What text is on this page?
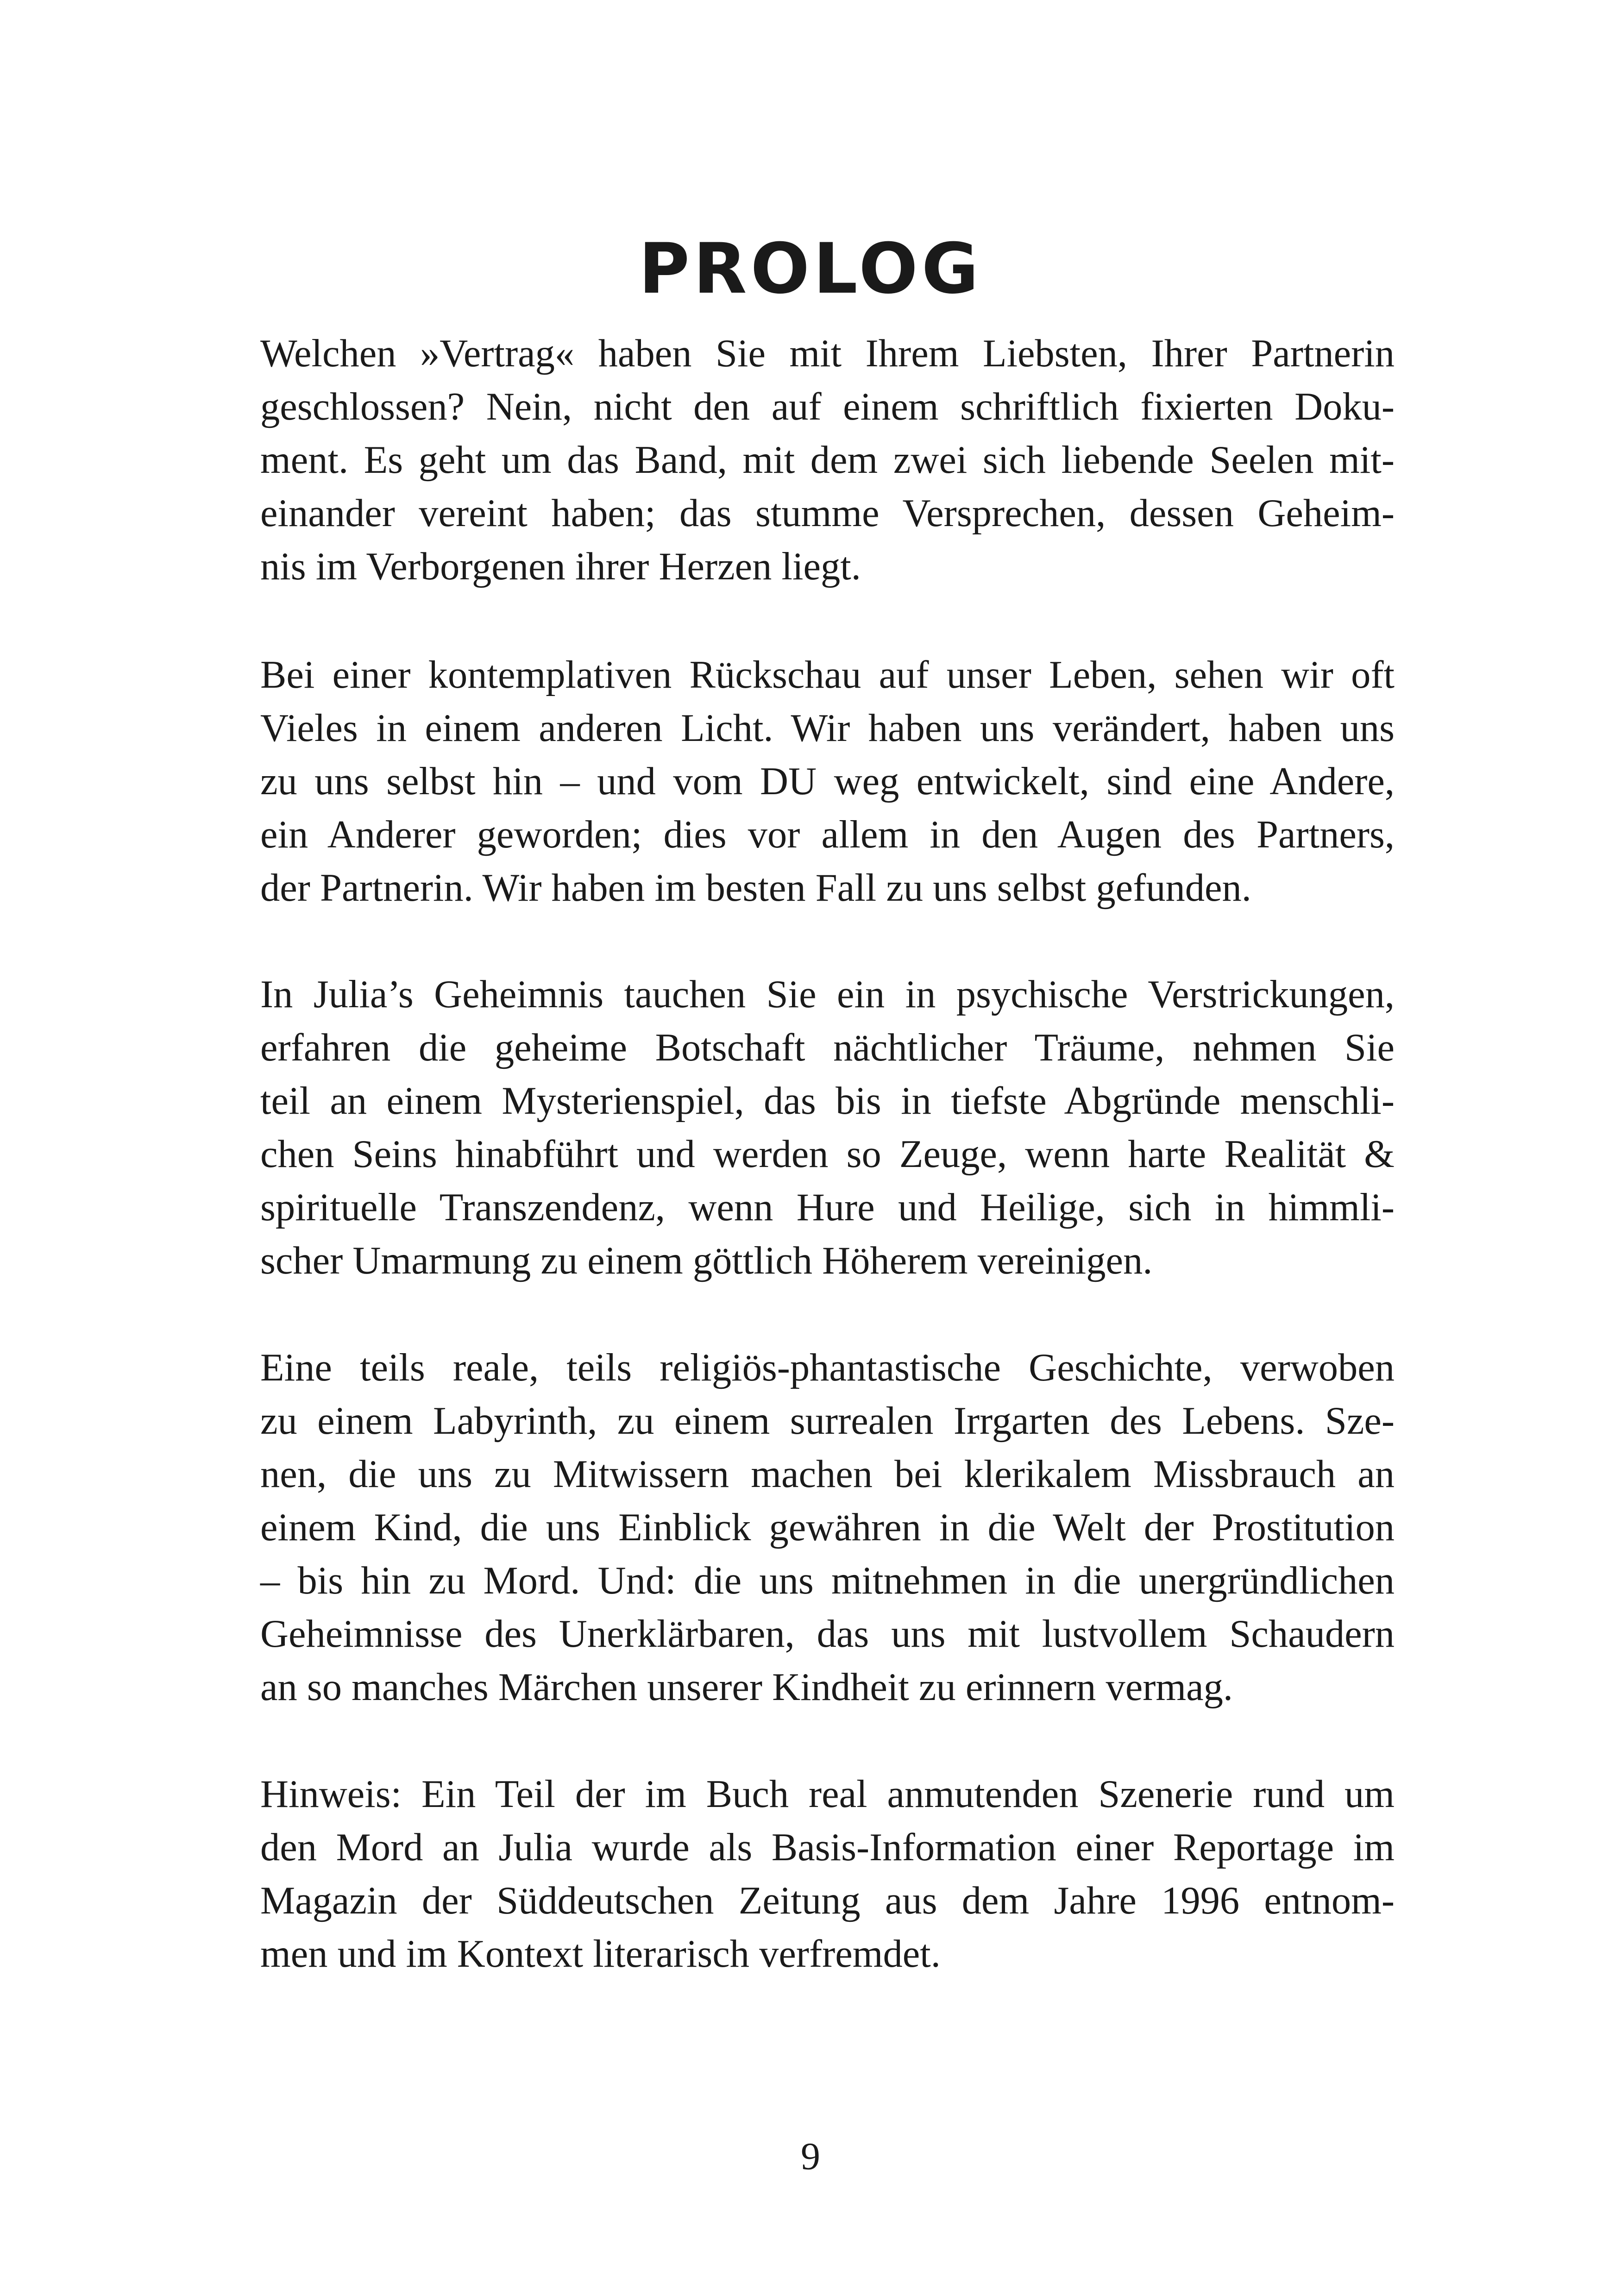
PROLOG
Welchen »Vertrag« haben Sie mit Ihrem Liebsten, Ihrer Partnerin
geschlossen? Nein, nicht den auf einem schriftlich fixierten Doku-
ment. Es geht um das Band, mit dem zwei sich liebende Seelen mit-
einander vereint haben; das stumme Versprechen, dessen Geheim-
nis im Verborgenen ihrer Herzen liegt.
Bei einer kontemplativen Rückschau auf unser Leben, sehen wir oft
Vieles in einem anderen Licht. Wir haben uns verändert, haben uns
zu uns selbst hin – und vom DU weg entwickelt, sind eine Andere,
ein Anderer geworden; dies vor allem in den Augen des Partners,
der Partnerin. Wir haben im besten Fall zu uns selbst gefunden.
In Julia’s Geheimnis tauchen Sie ein in psychische Verstrickungen,
erfahren die geheime Botschaft nächtlicher Träume, nehmen Sie
teil an einem Mysterienspiel, das bis in tiefste Abgründe menschli-
chen Seins hinabführt und werden so Zeuge, wenn harte Realität &
spirituelle Transzendenz, wenn Hure und Heilige, sich in himmli-
scher Umarmung zu einem göttlich Höherem vereinigen.
Eine teils reale, teils religiös-phantastische Geschichte, verwoben
zu einem Labyrinth, zu einem surrealen Irrgarten des Lebens. Sze-
nen, die uns zu Mitwissern machen bei klerikalem Missbrauch an
einem Kind, die uns Einblick gewähren in die Welt der Prostitution
– bis hin zu Mord. Und: die uns mitnehmen in die unergründlichen
Geheimnisse des Unerklärbaren, das uns mit lustvollem Schaudern
an so manches Märchen unserer Kindheit zu erinnern vermag.
Hinweis: Ein Teil der im Buch real anmutenden Szenerie rund um
den Mord an Julia wurde als Basis-Information einer Reportage im
Magazin der Süddeutschen Zeitung aus dem Jahre 1996 entnom-
men und im Kontext literarisch verfremdet.
9
